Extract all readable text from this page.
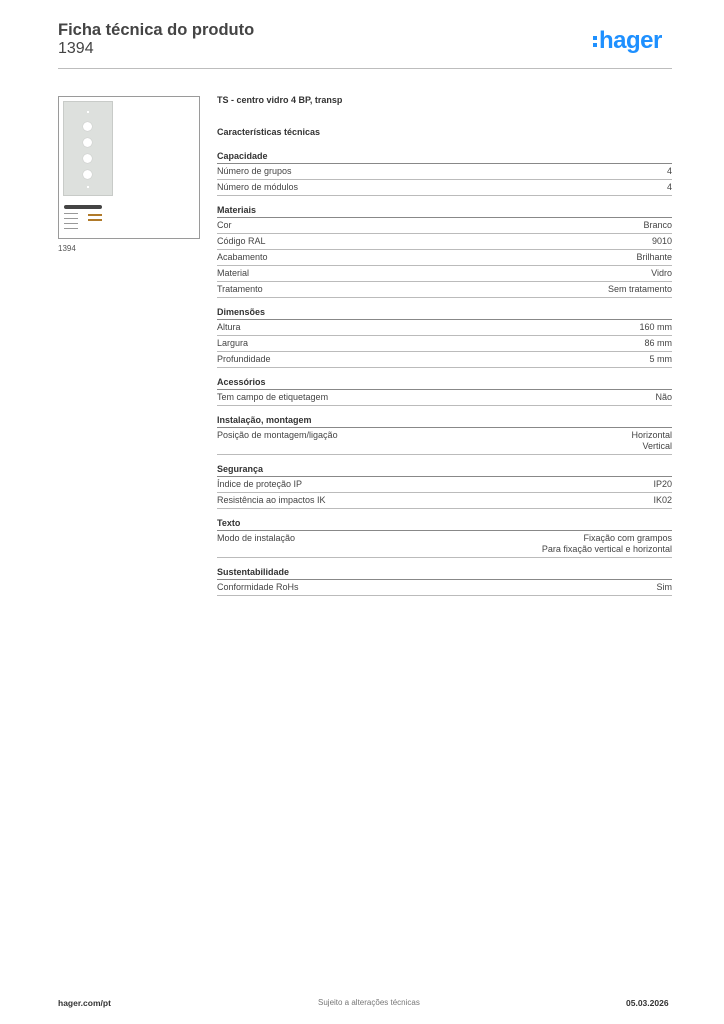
Ficha técnica do produto
1394	hager
1394
TS - centro vidro 4 BP, transp
Características técnicas
Capacidade
Número de grupos	4
Número de módulos	4
Materiais
Cor	Branco
Código RAL	9010
Acabamento	Brilhante
Material	Vidro
Tratamento	Sem tratamento
Dimensões
Altura	160 mm
Largura	86 mm
Profundidade	5 mm
Acessórios
Tem campo de etiquetagem	Não
Instalação, montagem
Posição de montagem/ligação	Horizontal
Vertical
Segurança
Índice de proteção IP	IP20
Resistência ao impactos IK	IK02
Texto
Modo de instalação	Fixação com grampos
Para fixação vertical e horizontal
Sustentabilidade
Conformidade RoHs	Sim
hager.com/pt	Sujeito a alterações técnicas	05.03.2026
